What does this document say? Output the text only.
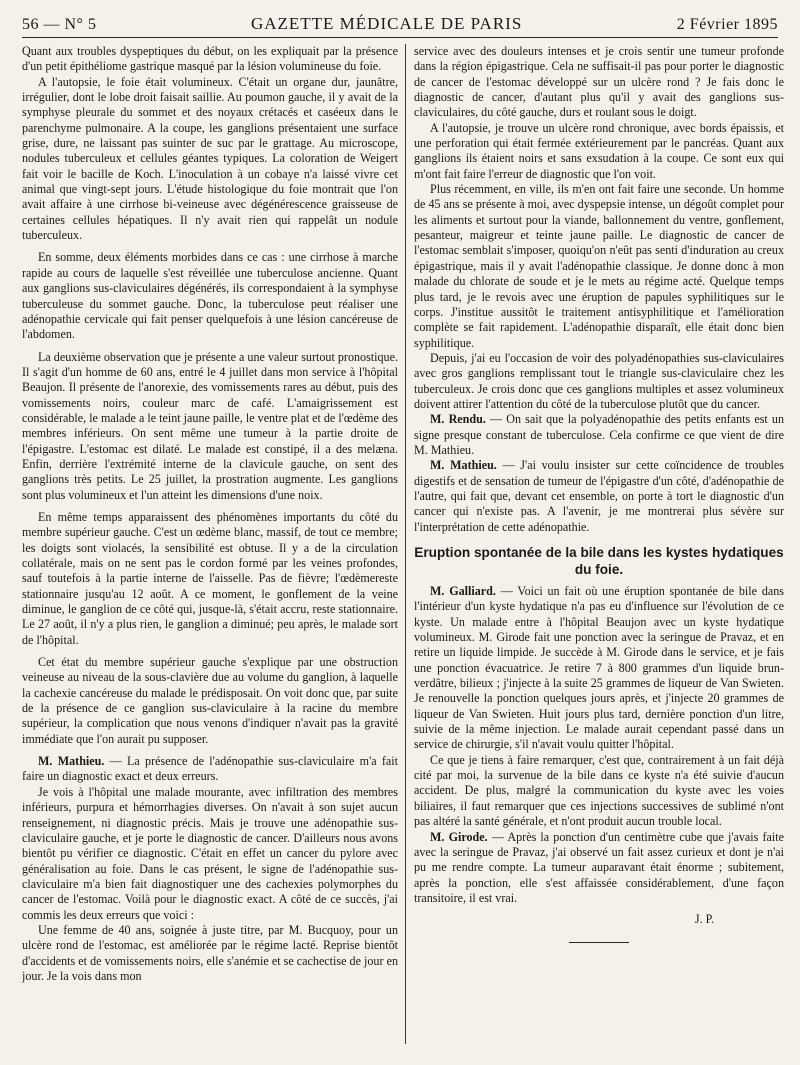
56 — N° 5	GAZETTE MÉDICALE DE PARIS	2 Février 1895

Quant aux troubles dyspeptiques du début, on les expliquait par la présence d'un petit épithéliome gastrique masqué par la lésion volumineuse du foie.

A l'autopsie, le foie était volumineux. C'était un organe dur, jaunâtre, irrégulier, dont le lobe droit faisait saillie. Au poumon gauche, il y avait de la symphyse pleurale du sommet et des noyaux crétacés et caséeux dans le parenchyme pulmonaire. A la coupe, les ganglions présentaient une surface grise, dure, ne laissant pas suinter de suc par le grattage. Au microscope, nodules tuberculeux et cellules géantes typiques. La coloration de Weigert fait voir le bacille de Koch. L'inoculation à un cobaye n'a laissé vivre cet animal que vingt-sept jours. L'étude histologique du foie montrait que l'on avait affaire à une cirrhose bi-veineuse avec dégénérescence graisseuse de certaines cellules hépatiques. Il n'y avait rien qui rappelât un nodule tuberculeux.

En somme, deux éléments morbides dans ce cas : une cirrhose à marche rapide au cours de laquelle s'est réveillée une tuberculose ancienne. Quant aux ganglions sus-claviculaires dégénérés, ils correspondaient à la symphyse tuberculeuse du sommet gauche. Donc, la tuberculose peut réaliser une adénopathie cervicale qui fait penser quelquefois à une lésion cancéreuse de l'abdomen.

La deuxième observation que je présente a une valeur surtout pronostique. Il s'agit d'un homme de 60 ans, entré le 4 juillet dans mon service à l'hôpital Beaujon. Il présente de l'anorexie, des vomissements rares au début, puis des vomissements noirs, couleur marc de café. L'amaigrissement est considérable, le malade a le teint jaune paille, le ventre plat et de l'œdème des membres inférieurs. On sent même une tumeur à la partie droite de l'épigastre. L'estomac est dilaté. Le malade est constipé, il a des melæna. Enfin, derrière l'extrémité interne de la clavicule gauche, on sent des ganglions très petits. Le 25 juillet, la prostration augmente. Les ganglions sont plus volumineux et l'un atteint les dimensions d'une noix.

En même temps apparaissent des phénomènes importants du côté du membre supérieur gauche. C'est un œdème blanc, massif, de tout ce membre; les doigts sont violacés, la sensibilité est obtuse. Il y a de la circulation collatérale, mais on ne sent pas le cordon formé par les veines profondes, sauf toutefois à la partie interne de l'aisselle. Pas de fièvre; l'œdèmereste stationnaire jusqu'au 12 août. A ce moment, le gonflement de la veine diminue, le ganglion de ce côté qui, jusque-là, s'était accru, reste stationnaire. Le 27 août, il n'y a plus rien, le ganglion a diminué; peu après, le malade sort de l'hôpital.

Cet état du membre supérieur gauche s'explique par une obstruction veineuse au niveau de la sous-clavière due au volume du ganglion, à laquelle la cachexie cancéreuse du malade le prédisposait. On voit donc que, par suite de la présence de ce ganglion sus-claviculaire à la racine du membre supérieur, la complication que nous venons d'indiquer n'avait pas la gravité immédiate que l'on aurait pu supposer.

M. Mathieu. — La présence de l'adénopathie sus-claviculaire m'a fait faire un diagnostic exact et deux erreurs.

Je vois à l'hôpital une malade mourante, avec infiltration des membres inférieurs, purpura et hémorrhagies diverses. On n'avait à son sujet aucun renseignement, ni diagnostic précis. Mais je trouve une adénopathie sus-claviculaire gauche, et je porte le diagnostic de cancer. D'ailleurs nous avons bientôt pu vérifier ce diagnostic. C'était en effet un cancer du pylore avec généralisation au foie. Dans le cas présent, le signe de l'adénopathie sus-claviculaire m'a bien fait diagnostiquer une des cachexies polymorphes du cancer de l'estomac. Voilà pour le diagnostic exact. A côté de ce succès, j'ai commis les deux erreurs que voici :

Une femme de 40 ans, soignée à juste titre, par M. Bucquoy, pour un ulcère rond de l'estomac, est améliorée par le régime lacté. Reprise bientôt d'accidents et de vomissements noirs, elle s'anémie et se cachectise de jour en jour. Je la vois dans mon

service avec des douleurs intenses et je crois sentir une tumeur profonde dans la région épigastrique. Cela ne suffisait-il pas pour porter le diagnostic de cancer de l'estomac développé sur un ulcère rond ? Je fais donc le diagnostic de cancer, d'autant plus qu'il y avait des ganglions sus-claviculaires, du côté gauche, durs et roulant sous le doigt.

A l'autopsie, je trouve un ulcère rond chronique, avec bords épaissis, et une perforation qui était fermée extérieurement par le pancréas. Quant aux ganglions ils étaient noirs et sans exsudation à la coupe. Ce sont eux qui m'ont fait faire l'erreur de diagnostic que l'on voit.

Plus récemment, en ville, ils m'en ont fait faire une seconde. Un homme de 45 ans se présente à moi, avec dyspepsie intense, un dégoût complet pour les aliments et surtout pour la viande, ballonnement du ventre, gonflement, pesanteur, maigreur et teinte jaune paille. Le diagnostic de cancer de l'estomac semblait s'imposer, quoiqu'on n'eût pas senti d'induration au creux épigastrique, mais il y avait l'adénopathie classique. Je donne donc à mon malade du chlorate de soude et je le mets au régime acté. Quelque temps plus tard, je le revois avec une éruption de papules syphilitiques sur le corps. J'institue aussitôt le traitement antisyphilitique et l'amélioration complète se fait rapidement. L'adénopathie disparaît, elle était donc bien syphilitique.

Depuis, j'ai eu l'occasion de voir des polyadénopathies sus-claviculaires avec gros ganglions remplissant tout le triangle sus-claviculaire chez les tuberculeux. Je crois donc que ces ganglions multiples et assez volumineux doivent attirer l'attention du côté de la tuberculose plutôt que du cancer.

M. Rendu. — On sait que la polyadénopathie des petits enfants est un signe presque constant de tuberculose. Cela confirme ce que vient de dire M. Mathieu.

M. Mathieu. — J'ai voulu insister sur cette coïncidence de troubles digestifs et de sensation de tumeur de l'épigastre d'un côté, d'adénopathie de l'autre, qui fait que, devant cet ensemble, on porte à tort le diagnostic d'un cancer qui n'existe pas. A l'avenir, je me montrerai plus sévère sur l'interprétation de cette adénopathie.

Eruption spontanée de la bile dans les kystes hydatiques du foie.

M. Galliard. — Voici un fait où une éruption spontanée de bile dans l'intérieur d'un kyste hydatique n'a pas eu d'influence sur l'évolution de ce kyste. Un malade entre à l'hôpital Beaujon avec un kyste hydatique volumineux. M. Girode fait une ponction avec la seringue de Pravaz, et en retire un liquide limpide. Je succède à M. Girode dans le service, et je fais une ponction évacuatrice. Je retire 7 à 800 grammes d'un liquide brun-verdâtre, bilieux ; j'injecte à la suite 25 grammes de liqueur de Van Swieten. Je renouvelle la ponction quelques jours après, et j'injecte 20 grammes de liqueur de Van Swieten. Huit jours plus tard, dernière ponction d'un litre, suivie de la même injection. Le malade aurait cependant passé dans un service de chirurgie, s'il n'avait voulu quitter l'hôpital.

Ce que je tiens à faire remarquer, c'est que, contrairement à un fait déjà cité par moi, la survenue de la bile dans ce kyste n'a été suivie d'aucun accident. De plus, malgré la communication du kyste avec les voies biliaires, il faut remarquer que ces injections successives de sublimé n'ont pas altéré la santé générale, et n'ont produit aucun trouble local.

M. Girode. — Après la ponction d'un centimètre cube que j'avais faite avec la seringue de Pravaz, j'ai observé un fait assez curieux et dont je n'ai pu me rendre compte. La tumeur auparavant était énorme ; subitement, après la ponction, elle s'est affaissée considérablement, d'une façon transitoire, il est vrai.

J. P.
